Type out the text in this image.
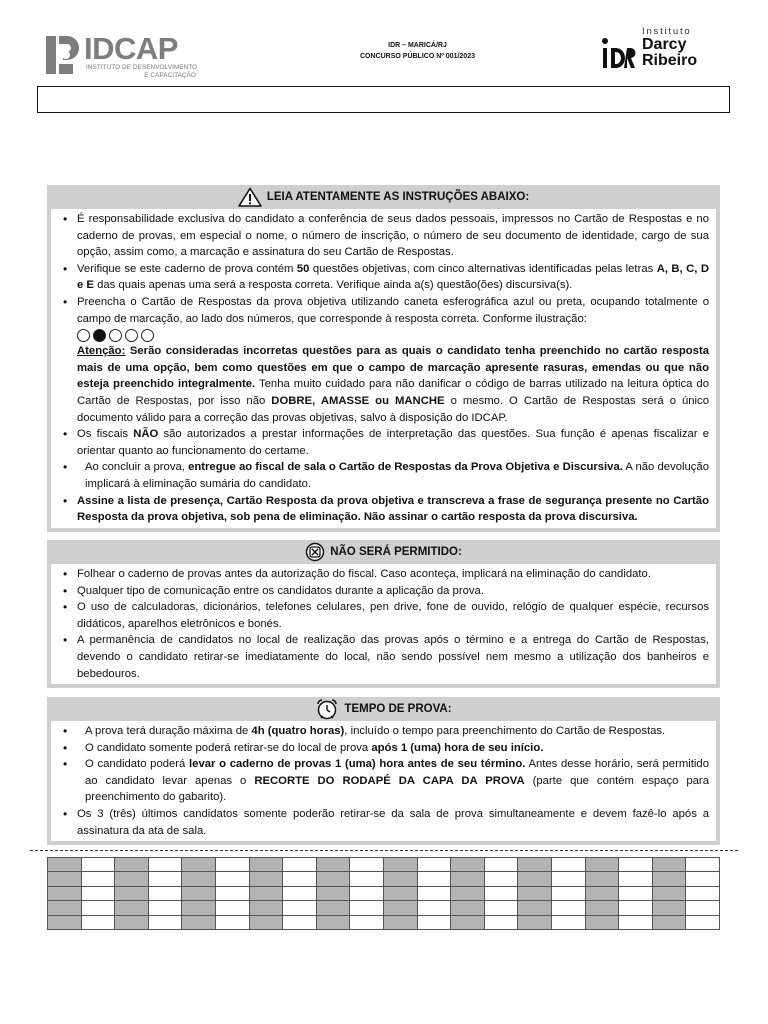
IDCAP
INSTITUTO DE DESENVOLVIMENTO
E CAPACITAÇÃO
IDR – MARICÁ/RJ
CONCURSO PÚBLICO Nº 001/2023
Instituto
Darcy
Ribeiro
LEIA ATENTAMENTE AS INSTRUÇÕES ABAIXO:
• É responsabilidade exclusiva do candidato a conferência de seus dados pessoais, impressos no Cartão de Respostas e no caderno de provas, em especial o nome, o número de inscrição, o número de seu documento de identidade, cargo de sua opção, assim como, a marcação e assinatura do seu Cartão de Respostas.
• Verifique se este caderno de prova contém 50 questões objetivas, com cinco alternativas identificadas pelas letras A, B, C, D e E das quais apenas uma será a resposta correta. Verifique ainda a(s) questão(ões) discursiva(s).
• Preencha o Cartão de Respostas da prova objetiva utilizando caneta esferográfica azul ou preta, ocupando totalmente o campo de marcação, ao lado dos números, que corresponde à resposta correta. Conforme ilustração:
Atenção: Serão consideradas incorretas questões para as quais o candidato tenha preenchido no cartão resposta mais de uma opção, bem como questões em que o campo de marcação apresente rasuras, emendas ou que não esteja preenchido integralmente. Tenha muito cuidado para não danificar o código de barras utilizado na leitura óptica do Cartão de Respostas, por isso não DOBRE, AMASSE ou MANCHE o mesmo. O Cartão de Respostas será o único documento válido para a correção das provas objetivas, salvo à disposição do IDCAP.
• Os fiscais NÃO são autorizados a prestar informações de interpretação das questões. Sua função é apenas fiscalizar e orientar quanto ao funcionamento do certame.
• Ao concluir a prova, entregue ao fiscal de sala o Cartão de Respostas da Prova Objetiva e Discursiva. A não devolução implicará à eliminação sumária do candidato.
• Assine a lista de presença, Cartão Resposta da prova objetiva e transcreva a frase de segurança presente no Cartão Resposta da prova objetiva, sob pena de eliminação. Não assinar o cartão resposta da prova discursiva.
NÃO SERÁ PERMITIDO:
• Folhear o caderno de provas antes da autorização do fiscal. Caso aconteça, implicará na eliminação do candidato.
• Qualquer tipo de comunicação entre os candidatos durante a aplicação da prova.
• O uso de calculadoras, dicionários, telefones celulares, pen drive, fone de ouvido, relógio de qualquer espécie, recursos didáticos, aparelhos eletrônicos e bonés.
• A permanência de candidatos no local de realização das provas após o término e a entrega do Cartão de Respostas, devendo o candidato retirar-se imediatamente do local, não sendo possível nem mesmo a utilização dos banheiros e bebedouros.
TEMPO DE PROVA:
• A prova terá duração máxima de 4h (quatro horas), incluído o tempo para preenchimento do Cartão de Respostas.
• O candidato somente poderá retirar-se do local de prova após 1 (uma) hora de seu início.
• O candidato poderá levar o caderno de provas 1 (uma) hora antes de seu término. Antes desse horário, será permitido ao candidato levar apenas o RECORTE DO RODAPÉ DA CAPA DA PROVA (parte que contém espaço para preenchimento do gabarito).
• Os 3 (três) últimos candidatos somente poderão retirar-se da sala de prova simultaneamente e devem fazê-lo após a assinatura da ata de sala.
